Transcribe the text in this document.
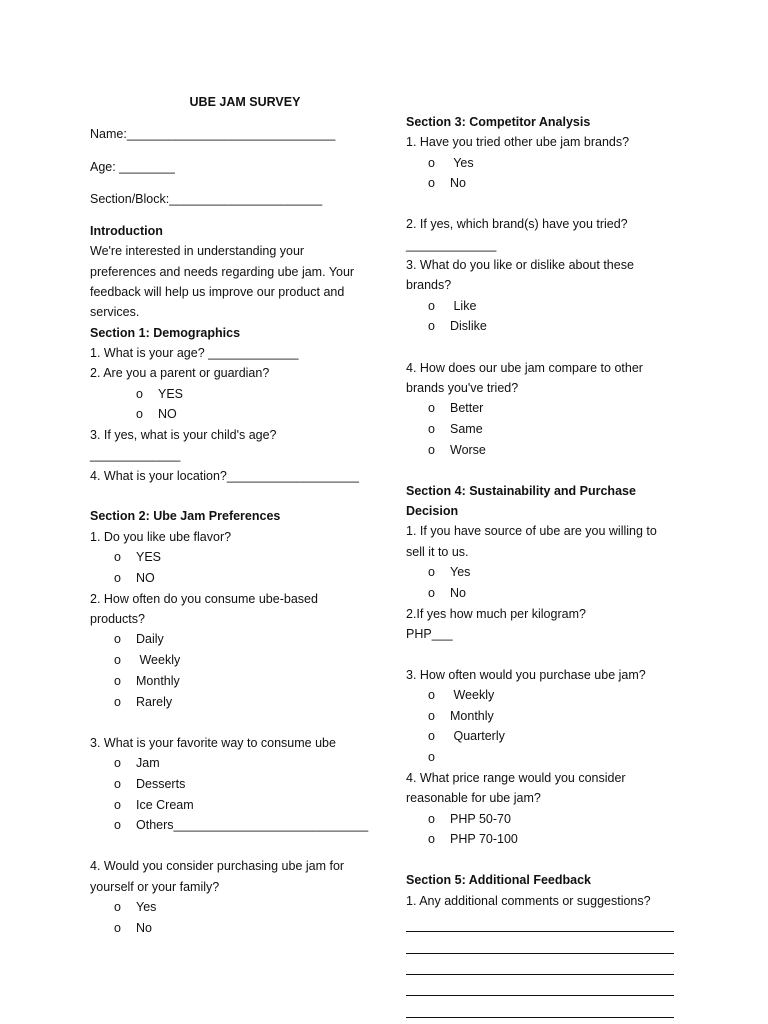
UBE JAM SURVEY
Name:______________________________
Age: ________
Section/Block:______________________
Introduction
We're interested in understanding your preferences and needs regarding ube jam. Your feedback will help us improve our product and services.
Section 1: Demographics
1. What is your age? _____________
2. Are you a parent or guardian?
o YES
o NO
3. If yes, what is your child's age?
_____________
4. What is your location?___________________
Section 2: Ube Jam Preferences
1. Do you like ube flavor?
o YES
o NO
2. How often do you consume ube-based products?
o Daily
o Weekly
o Monthly
o Rarely
3. What is your favorite way to consume ube
o Jam
o Desserts
o Ice Cream
o Others____________________________
4. Would you consider purchasing ube jam for yourself or your family?
o Yes
o No
Section 3: Competitor Analysis
1. Have you tried other ube jam brands?
o Yes
o No
2. If yes, which brand(s) have you tried?
_____________
3. What do you like or dislike about these brands?
o Like
o Dislike
4. How does our ube jam compare to other brands you've tried?
o Better
o Same
o Worse
Section 4: Sustainability and Purchase Decision
1. If you have source of ube are you willing to sell it to us.
o Yes
o No
2.If yes how much per kilogram?
PHP___
3. How often would you purchase ube jam?
o Weekly
o Monthly
o Quarterly
o
4. What price range would you consider reasonable for ube jam?
o PHP 50-70
o PHP 70-100
Section 5: Additional Feedback
1. Any additional comments or suggestions?
